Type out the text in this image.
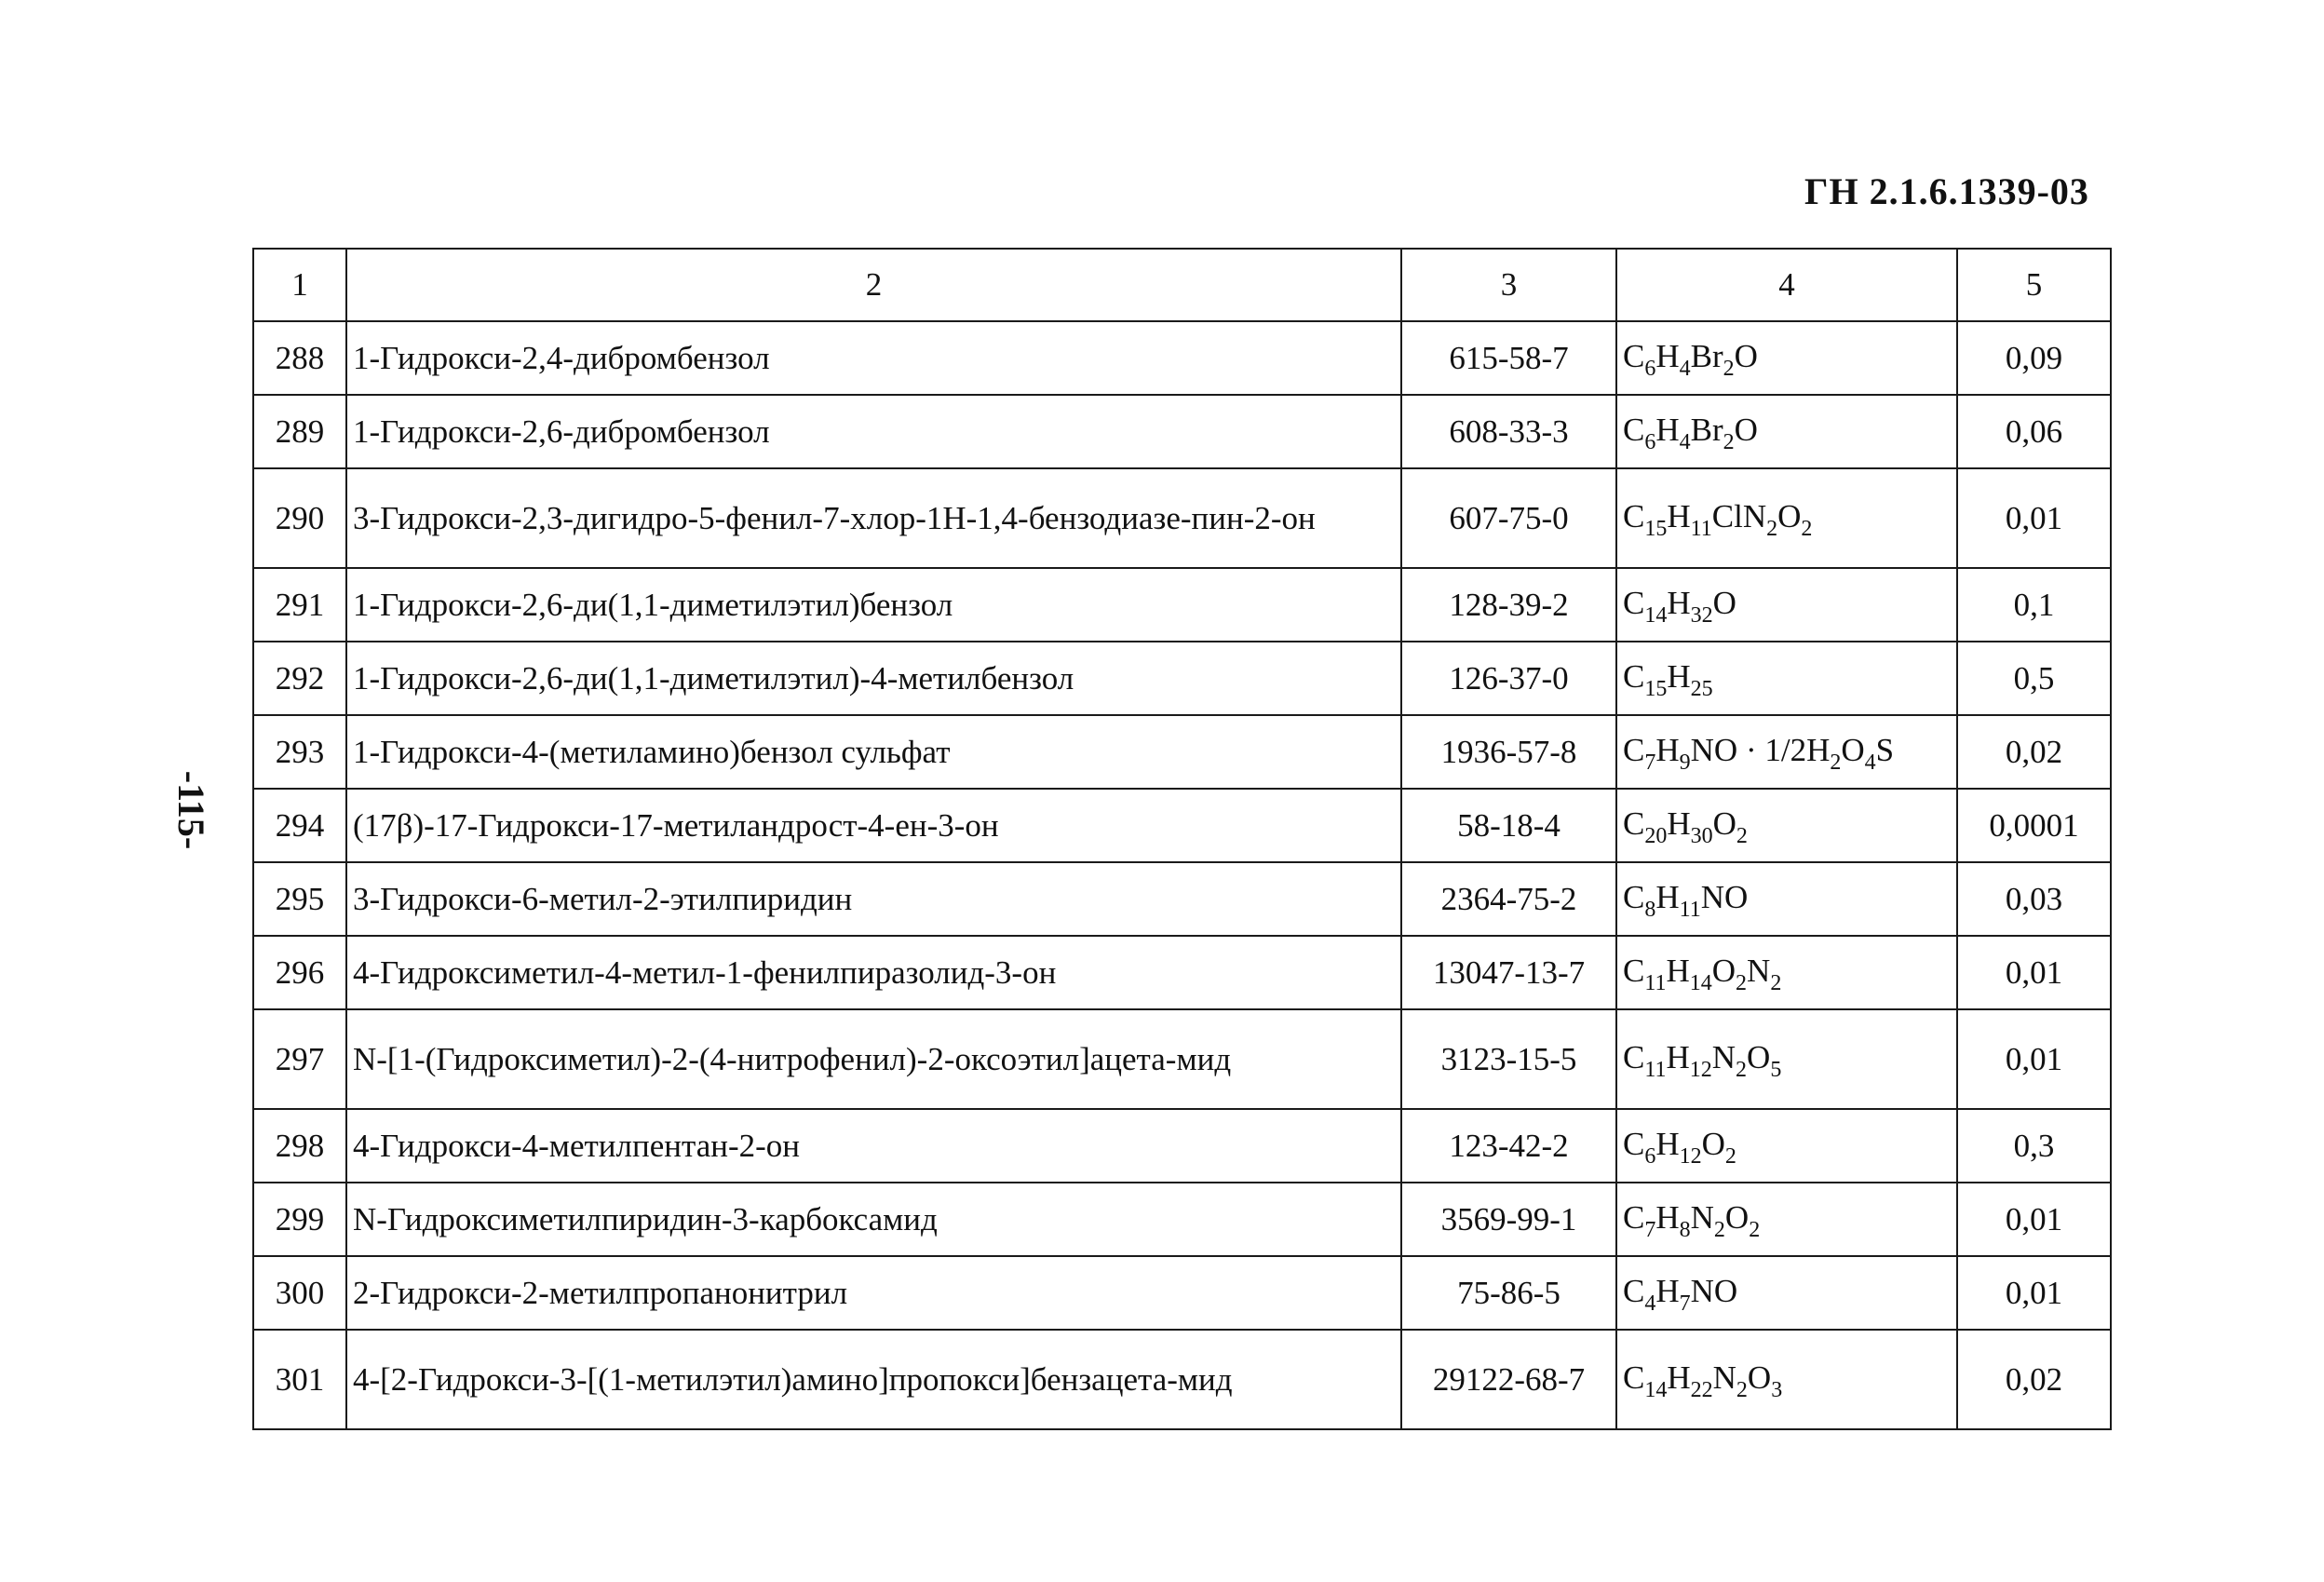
ГН 2.1.6.1339-03
-115-
1	2	3	4	5
288	1-Гидрокси-2,4-дибромбензол	615-58-7	$C_6H_4Br_2O$	0,09
289	1-Гидрокси-2,6-дибромбензол	608-33-3	$C_6H_4Br_2O$	0,06
290	3-Гидрокси-2,3-дигидро-5-фенил-7-хлор-1H-1,4-бензодиазе-пин-2-он	607-75-0	$C_{15}H_{11}ClN_2O_2$	0,01
291	1-Гидрокси-2,6-ди(1,1-диметилэтил)бензол	128-39-2	$C_{14}H_{32}O$	0,1
292	1-Гидрокси-2,6-ди(1,1-диметилэтил)-4-метилбензол	126-37-0	$C_{15}H_{25}$	0,5
293	1-Гидрокси-4-(метиламино)бензол сульфат	1936-57-8	$C_7H_9NO \cdot 1/2H_2O_4S$	0,02
294	(17β)-17-Гидрокси-17-метиландрост-4-ен-3-он	58-18-4	$C_{20}H_{30}O_2$	0,0001
295	3-Гидрокси-6-метил-2-этилпиридин	2364-75-2	$C_8H_{11}NO$	0,03
296	4-Гидроксиметил-4-метил-1-фенилпиразолид-3-он	13047-13-7	$C_{11}H_{14}O_2N_2$	0,01
297	N-[1-(Гидроксиметил)-2-(4-нитрофенил)-2-оксоэтил]ацета-мид	3123-15-5	$C_{11}H_{12}N_2O_5$	0,01
298	4-Гидрокси-4-метилпентан-2-он	123-42-2	$C_6H_{12}O_2$	0,3
299	N-Гидроксиметилпиридин-3-карбоксамид	3569-99-1	$C_7H_8N_2O_2$	0,01
300	2-Гидрокси-2-метилпропанонитрил	75-86-5	$C_4H_7NO$	0,01
301	4-[2-Гидрокси-3-[(1-метилэтил)амино]пропокси]бензацета-мид	29122-68-7	$C_{14}H_{22}N_2O_3$	0,02
